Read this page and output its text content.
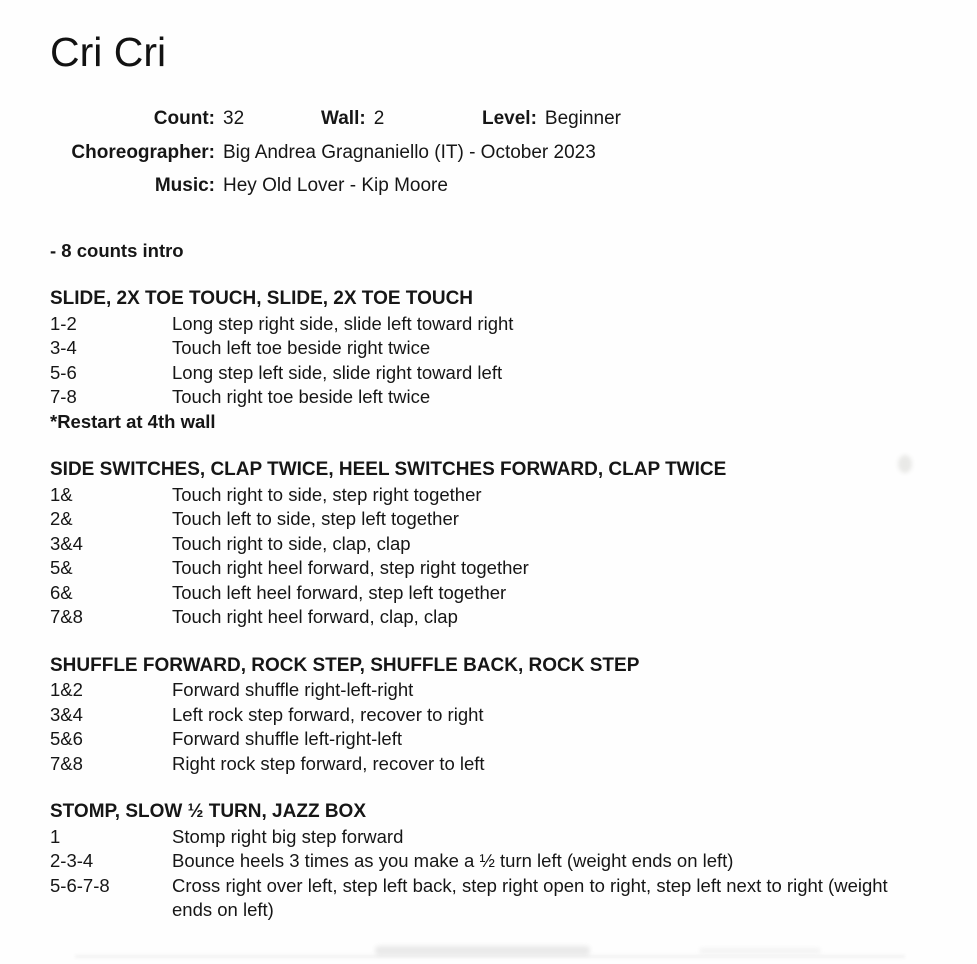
Cri Cri
Count: 32	Wall: 2	Level: Beginner
Choreographer: Big Andrea Gragnaniello (IT) - October 2023
Music: Hey Old Lover - Kip Moore
- 8 counts intro
SLIDE, 2X TOE TOUCH, SLIDE, 2X TOE TOUCH
1-2	Long step right side, slide left toward right
3-4	Touch left toe beside right twice
5-6	Long step left side, slide right toward left
7-8	Touch right toe beside left twice
*Restart at 4th wall
SIDE SWITCHES, CLAP TWICE, HEEL SWITCHES FORWARD, CLAP TWICE
1&	Touch right to side, step right together
2&	Touch left to side, step left together
3&4	Touch right to side, clap, clap
5&	Touch right heel forward, step right together
6&	Touch left heel forward, step left together
7&8	Touch right heel forward, clap, clap
SHUFFLE FORWARD, ROCK STEP, SHUFFLE BACK, ROCK STEP
1&2	Forward shuffle right-left-right
3&4	Left rock step forward, recover to right
5&6	Forward shuffle left-right-left
7&8	Right rock step forward, recover to left
STOMP, SLOW ½ TURN, JAZZ BOX
1	Stomp right big step forward
2-3-4	Bounce heels 3 times as you make a ½ turn left (weight ends on left)
5-6-7-8	Cross right over left, step left back, step right open to right, step left next to right (weight ends on left)
